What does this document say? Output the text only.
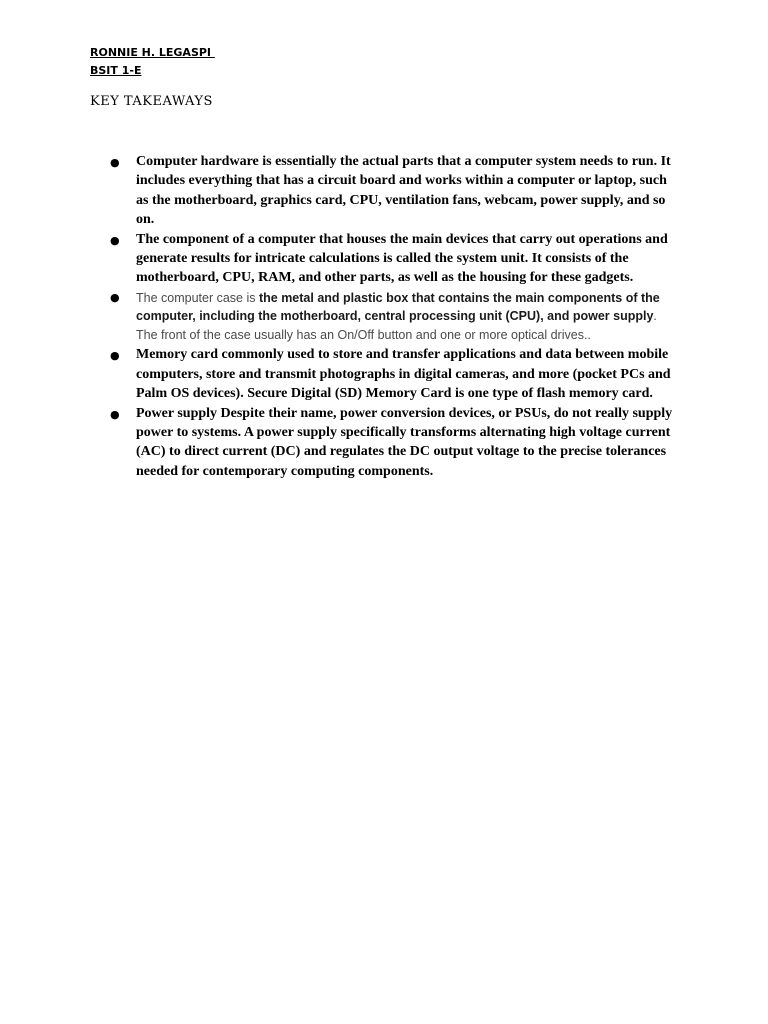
RONNIE H. LEGASPI
BSIT 1-E
KEY TAKEAWAYS
● Computer hardware is essentially the actual parts that a computer system needs to run. It includes everything that has a circuit board and works within a computer or laptop, such as the motherboard, graphics card, CPU, ventilation fans, webcam, power supply, and so on.
● The component of a computer that houses the main devices that carry out operations and generate results for intricate calculations is called the system unit. It consists of the motherboard, CPU, RAM, and other parts, as well as the housing for these gadgets.
● The computer case is the metal and plastic box that contains the main components of the computer, including the motherboard, central processing unit (CPU), and power supply. The front of the case usually has an On/Off button and one or more optical drives..
● Memory card commonly used to store and transfer applications and data between mobile computers, store and transmit photographs in digital cameras, and more (pocket PCs and Palm OS devices). Secure Digital (SD) Memory Card is one type of flash memory card.
● Power supply Despite their name, power conversion devices, or PSUs, do not really supply power to systems. A power supply specifically transforms alternating high voltage current (AC) to direct current (DC) and regulates the DC output voltage to the precise tolerances needed for contemporary computing components.
